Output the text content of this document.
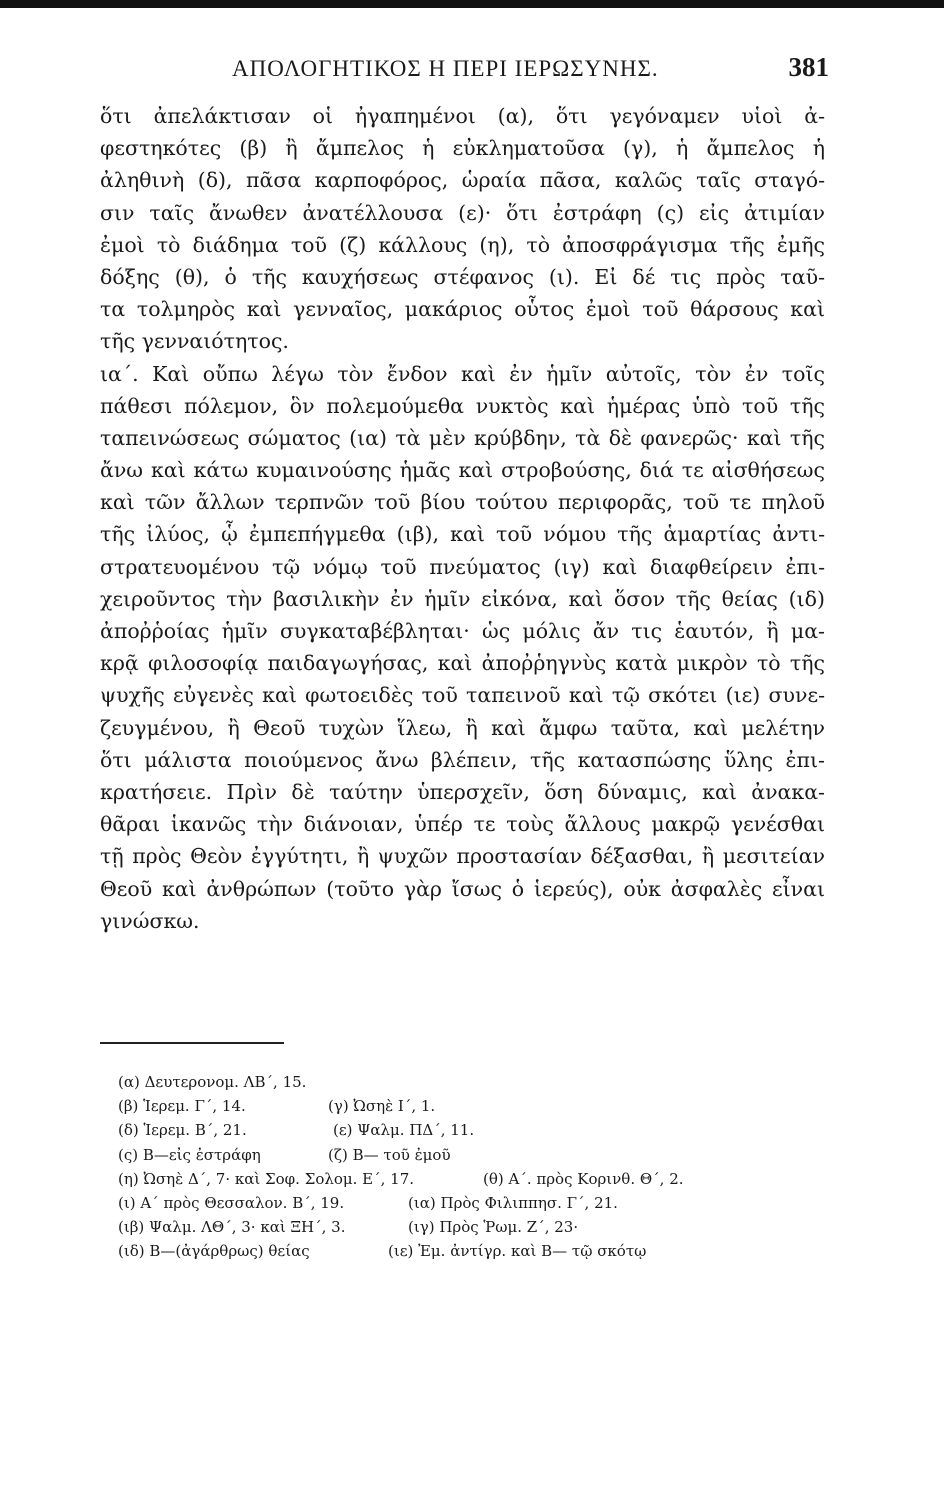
ΑΠΟΛΟΓΗΤΙΚΟΣ Η ΠΕΡΙ ΙΕΡΩΣΥΝΗΣ.	381
ὅτι ἀπελάκτισαν οἱ ἠγαπημένοι (α), ὅτι γεγόναμεν υἱοὶ ἀ-
φεστηκότες (β) ἢ ἄμπελος ἡ εὐκληματοῦσα (γ), ἡ ἄμπελος ἡ
ἀληθινὴ (δ), πᾶσα καρποφόρος, ὡραία πᾶσα, καλῶς ταῖς σταγό-
σιν ταῖς ἄνωθεν ἀνατέλλουσα (ε)· ὅτι ἐστράφη (ς) εἰς ἀτιμίαν
ἐμοὶ τὸ διάδημα τοῦ (ζ) κάλλους (η), τὸ ἀποσφράγισμα τῆς ἐμῆς
δόξης (θ), ὁ τῆς καυχήσεως στέφανος (ι). Εἰ δέ τις πρὸς ταῦ-
τα τολμηρὸς καὶ γενναῖος, μακάριος οὗτος ἐμοὶ τοῦ θάρσους καὶ
τῆς γενναιότητος.
ια΄. Καὶ οὔπω λέγω τὸν ἔνδον καὶ ἐν ἡμῖν αὐτοῖς, τὸν ἐν τοῖς
πάθεσι πόλεμον, ὃν πολεμούμεθα νυκτὸς καὶ ἡμέρας ὑπὸ τοῦ τῆς
ταπεινώσεως σώματος (ια) τὰ μὲν κρύβδην, τὰ δὲ φανερῶς· καὶ τῆς
ἄνω καὶ κάτω κυμαινούσης ἡμᾶς καὶ στροβούσης, διά τε αἰσθήσεως
καὶ τῶν ἄλλων τερπνῶν τοῦ βίου τούτου περιφορᾶς, τοῦ τε πηλοῦ
τῆς ἰλύος, ᾧ ἐμπεπήγμεθα (ιβ), καὶ τοῦ νόμου τῆς ἁμαρτίας ἀντι-
στρατευομένου τῷ νόμῳ τοῦ πνεύματος (ιγ) καὶ διαφθείρειν ἐπι-
χειροῦντος τὴν βασιλικὴν ἐν ἡμῖν εἰκόνα, καὶ ὅσον τῆς θείας (ιδ)
ἀποῤῥοίας ἡμῖν συγκαταβέβληται· ὡς μόλις ἄν τις ἑαυτόν, ἢ μα-
κρᾷ φιλοσοφίᾳ παιδαγωγήσας, καὶ ἀποῤῥηγνὺς κατὰ μικρὸν τὸ τῆς
ψυχῆς εὐγενὲς καὶ φωτοειδὲς τοῦ ταπεινοῦ καὶ τῷ σκότει (ιε) συνε-
ζευγμένου, ἢ Θεοῦ τυχὼν ἵλεω, ἢ καὶ ἄμφω ταῦτα, καὶ μελέτην
ὅτι μάλιστα ποιούμενος ἄνω βλέπειν, τῆς κατασπώσης ὕλης ἐπι-
κρατήσειε. Πρὶν δὲ ταύτην ὑπερσχεῖν, ὅση δύναμις, καὶ ἀνακα-
θᾶραι ἱκανῶς τὴν διάνοιαν, ὑπέρ τε τοὺς ἄλλους μακρῷ γενέσθαι
τῇ πρὸς Θεὸν ἐγγύτητι, ἢ ψυχῶν προστασίαν δέξασθαι, ἢ μεσιτείαν
Θεοῦ καὶ ἀνθρώπων (τοῦτο γὰρ ἴσως ὁ ἱερεύς), οὐκ ἀσφαλὲς εἶναι
γινώσκω.
(α) Δευτερονομ. ΛΒ΄, 15.
(β) Ἱερεμ. Γ΄, 14.	(γ) Ὠσηὲ Ι΄, 1.
(δ) Ἱερεμ. Β΄, 21.	(ε) Ψαλμ. ΠΔ΄, 11.
(ς) Β—εἰς ἐστράφη	(ζ) Β— τοῦ ἐμοῦ
(η) Ὠσηὲ Δ΄, 7· καὶ Σοφ. Σολομ. Ε΄, 17.	(θ) Α΄. πρὸς Κορινθ. Θ΄, 2.
(ι) Α΄ πρὸς Θεσσαλον. Β΄, 19.	(ια) Πρὸς Φιλιππησ. Γ΄, 21.
(ιβ) Ψαλμ. ΛΘ΄, 3· καὶ ΞΗ΄, 3.	(ιγ) Πρὸς Ῥωμ. Ζ΄, 23·
(ιδ) Β—(ἀγάρθρως) θείας	(ιε) Ἐμ. ἀντίγρ. καὶ Β— τῷ σκότῳ
